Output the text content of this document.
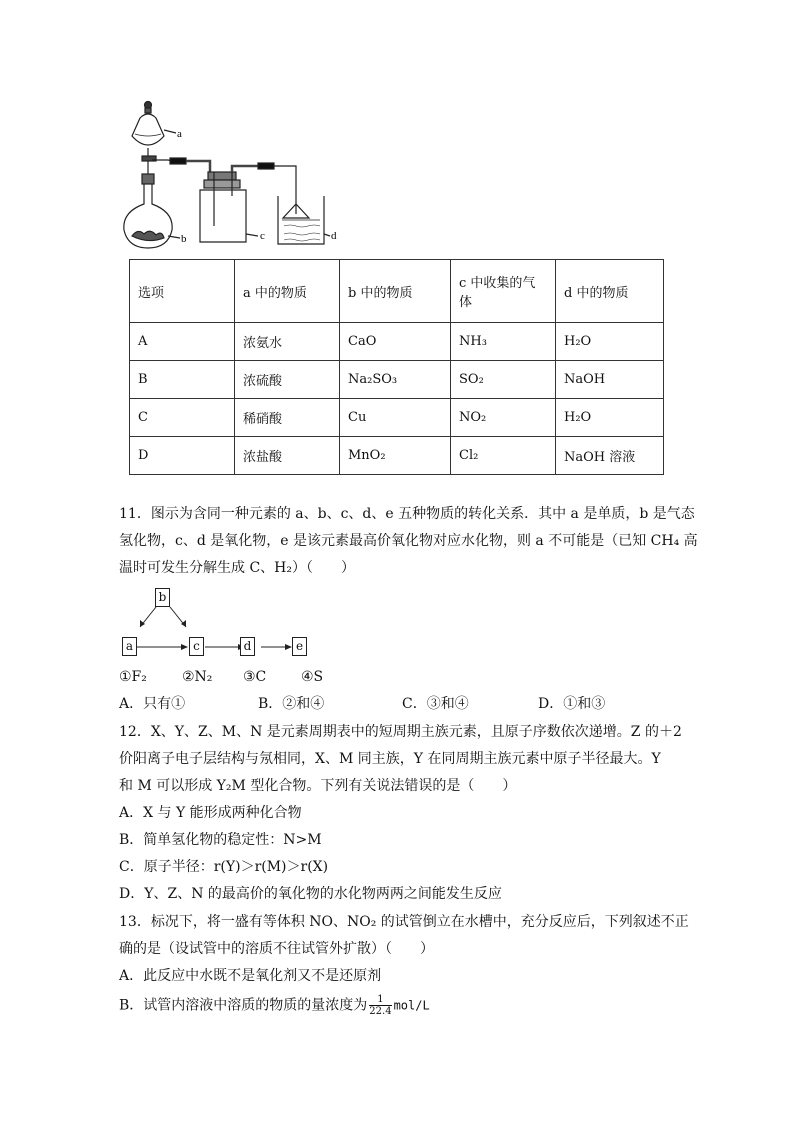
a
b	c	d
选项	a 中的物质	b 中的物质	c 中收集的气体	d 中的物质
A	浓氨水	CaO	NH₃	H₂O
B	浓硫酸	Na₂SO₃	SO₂	NaOH
C	稀硝酸	Cu	NO₂	H₂O
D	浓盐酸	MnO₂	Cl₂	NaOH 溶液
11．图示为含同一种元素的 a、b、c、d、e 五种物质的转化关系．其中 a 是单质，b 是气态
氢化物，c、d 是氧化物，e 是该元素最高价氧化物对应水化物，则 a 不可能是（已知 CH₄ 高
温时可发生分解生成 C、H₂）（　　）
b
a	c	d	e
①F₂	②N₂ ③C ④S
A．只有①	B．②和④	C．③和④	D．①和③
12．X、Y、Z、M、N 是元素周期表中的短周期主族元素，且原子序数依次递增。Z 的＋2
价阳离子电子层结构与氖相同，X、M 同主族，Y 在同周期主族元素中原子半径最大。Y
和 M 可以形成 Y₂M 型化合物。下列有关说法错误的是（　　）
A．X 与 Y 能形成两种化合物
B．简单氢化物的稳定性：N>M
C．原子半径：r(Y)＞r(M)＞r(X)
D．Y、Z、N 的最高价的氧化物的水化物两两之间能发生反应
13．标况下，将一盛有等体积 NO、NO₂ 的试管倒立在水槽中，充分反应后，下列叙述不正
确的是（设试管中的溶质不往试管外扩散）（　　）
A．此反应中水既不是氧化剂又不是还原剂
B．试管内溶液中溶质的物质的量浓度为 $\frac{1}{22.4} mol/L$
